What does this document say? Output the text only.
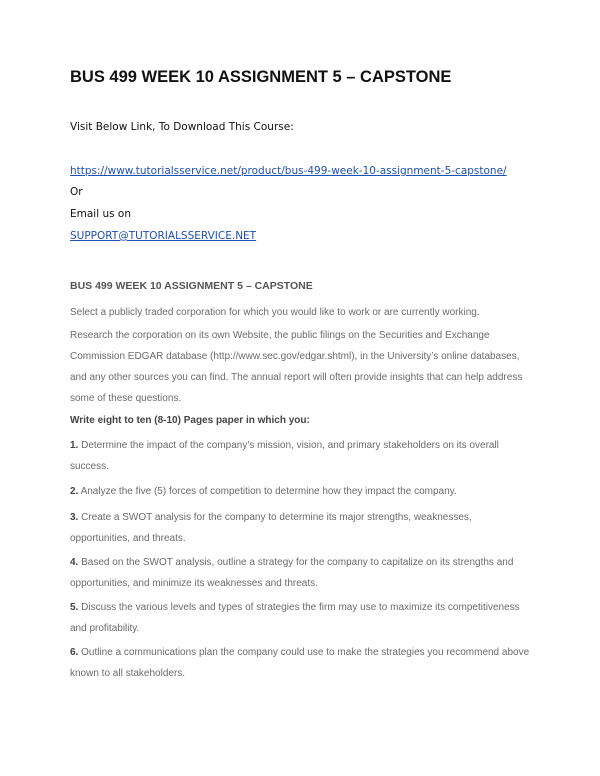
BUS 499 WEEK 10 ASSIGNMENT 5 – CAPSTONE
Visit Below Link, To Download This Course:
https://www.tutorialsservice.net/product/bus-499-week-10-assignment-5-capstone/
Or
Email us on
SUPPORT@TUTORIALSSERVICE.NET
BUS 499 WEEK 10 ASSIGNMENT 5 – CAPSTONE
Select a publicly traded corporation for which you would like to work or are currently working.
Research the corporation on its own Website, the public filings on the Securities and Exchange Commission EDGAR database (http://www.sec.gov/edgar.shtml), in the University’s online databases, and any other sources you can find. The annual report will often provide insights that can help address some of these questions.
Write eight to ten (8-10) Pages paper in which you:
1. Determine the impact of the company’s mission, vision, and primary stakeholders on its overall success.
2. Analyze the five (5) forces of competition to determine how they impact the company.
3. Create a SWOT analysis for the company to determine its major strengths, weaknesses, opportunities, and threats.
4. Based on the SWOT analysis, outline a strategy for the company to capitalize on its strengths and opportunities, and minimize its weaknesses and threats.
5. Discuss the various levels and types of strategies the firm may use to maximize its competitiveness and profitability.
6. Outline a communications plan the company could use to make the strategies you recommend above known to all stakeholders.
